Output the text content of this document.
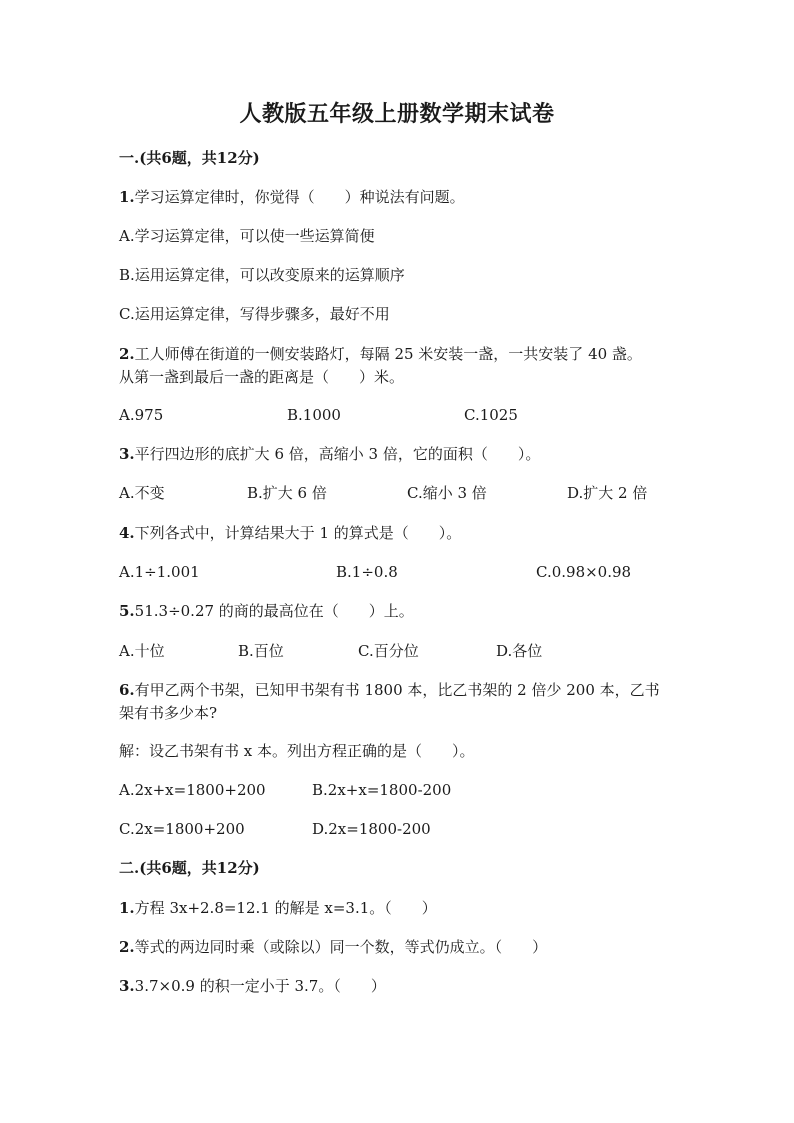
人教版五年级上册数学期末试卷
一.(共6题，共12分)
1.学习运算定律时，你觉得（　　）种说法有问题。
A.学习运算定律，可以使一些运算简便
B.运用运算定律，可以改变原来的运算顺序
C.运用运算定律，写得步骤多，最好不用
2.工人师傅在街道的一侧安装路灯，每隔 25 米安装一盏，一共安装了 40 盏。
从第一盏到最后一盏的距离是（　　）米。
A.975	B.1000	C.1025
3.平行四边形的底扩大 6 倍，高缩小 3 倍，它的面积（　　）。
A.不变	B.扩大 6 倍	C.缩小 3 倍	D.扩大 2 倍
4.下列各式中，计算结果大于 1 的算式是（　　）。
A.1÷1.001	B.1÷0.8	C.0.98×0.98
5.51.3÷0.27 的商的最高位在（　　）上。
A.十位	B.百位	C.百分位	D.各位
6.有甲乙两个书架，已知甲书架有书 1800 本，比乙书架的 2 倍少 200 本，乙书
架有书多少本?
解：设乙书架有书 x 本。列出方程正确的是（　　）。
A.2x+x=1800+200	B.2x+x=1800-200
C.2x=1800+200	D.2x=1800-200
二.(共6题，共12分)
1.方程 3x+2.8=12.1 的解是 x=3.1。（　　）
2.等式的两边同时乘（或除以）同一个数，等式仍成立。（　　）
3.3.7×0.9 的积一定小于 3.7。（　　）
